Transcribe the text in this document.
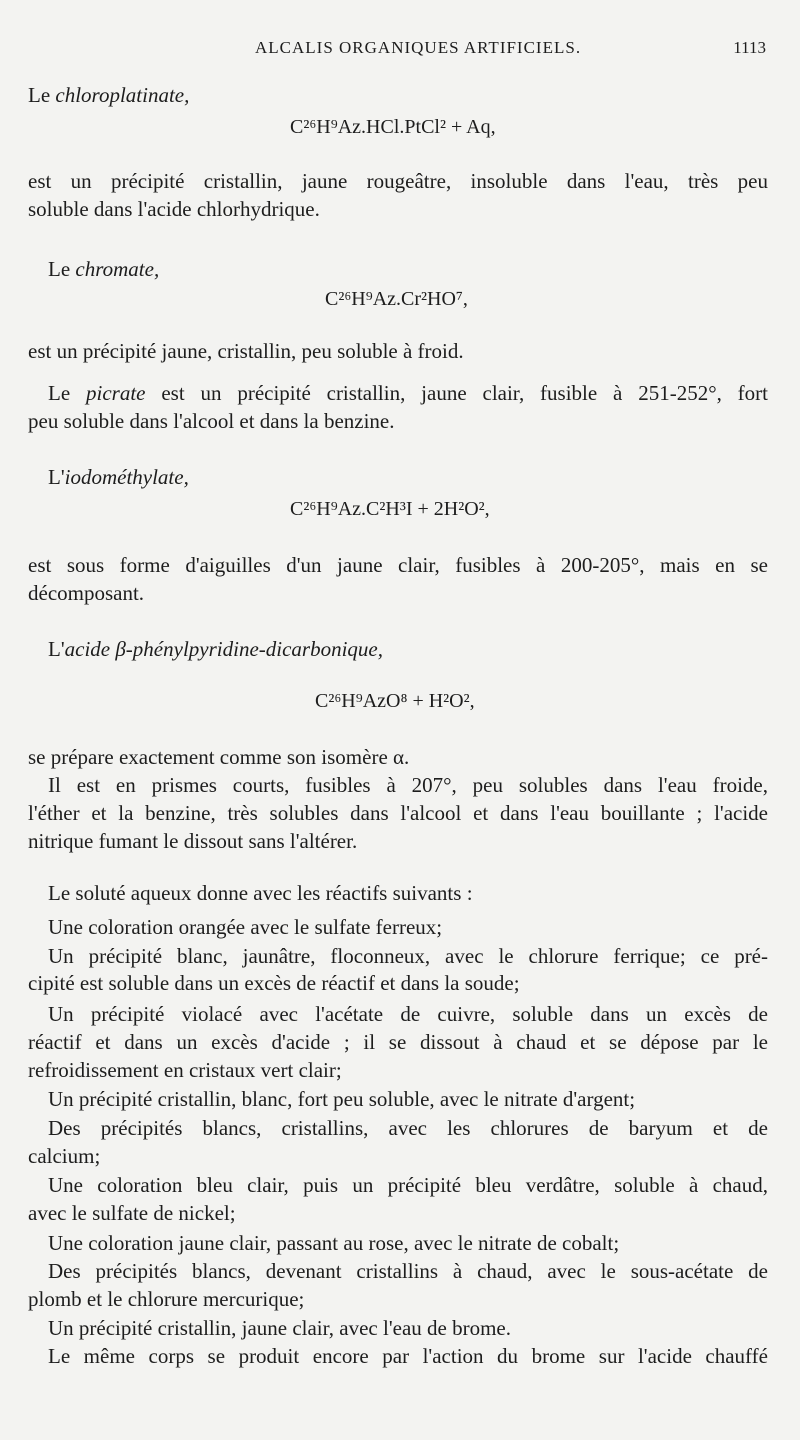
ALCALIS ORGANIQUES ARTIFICIELS.	1113
Le chloroplatinate,
C²⁶H⁹Az.HCl.PtCl² + Aq,
est un précipité cristallin, jaune rougeâtre, insoluble dans l'eau, très peu
soluble dans l'acide chlorhydrique.
Le chromate,
C²⁶H⁹Az.Cr²HO⁷,
est un précipité jaune, cristallin, peu soluble à froid.
Le picrate est un précipité cristallin, jaune clair, fusible à 251-252°, fort
peu soluble dans l'alcool et dans la benzine.
L'iodométhylate,
C²⁶H⁹Az.C²H³I + 2H²O²,
est sous forme d'aiguilles d'un jaune clair, fusibles à 200-205°, mais en se
décomposant.
L'acide β-phénylpyridine-dicarbonique,
C²⁶H⁹AzO⁸ + H²O²,
se prépare exactement comme son isomère α.
Il est en prismes courts, fusibles à 207°, peu solubles dans l'eau froide,
l'éther et la benzine, très solubles dans l'alcool et dans l'eau bouillante ; l'acide
nitrique fumant le dissout sans l'altérer.
Le soluté aqueux donne avec les réactifs suivants :
Une coloration orangée avec le sulfate ferreux;
Un précipité blanc, jaunâtre, floconneux, avec le chlorure ferrique; ce pré-
cipité est soluble dans un excès de réactif et dans la soude;
Un précipité violacé avec l'acétate de cuivre, soluble dans un excès de
réactif et dans un excès d'acide ; il se dissout à chaud et se dépose par le
refroidissement en cristaux vert clair;
Un précipité cristallin, blanc, fort peu soluble, avec le nitrate d'argent;
Des précipités blancs, cristallins, avec les chlorures de baryum et de
calcium;
Une coloration bleu clair, puis un précipité bleu verdâtre, soluble à chaud,
avec le sulfate de nickel;
Une coloration jaune clair, passant au rose, avec le nitrate de cobalt;
Des précipités blancs, devenant cristallins à chaud, avec le sous-acétate de
plomb et le chlorure mercurique;
Un précipité cristallin, jaune clair, avec l'eau de brome.
Le même corps se produit encore par l'action du brome sur l'acide chauffé
